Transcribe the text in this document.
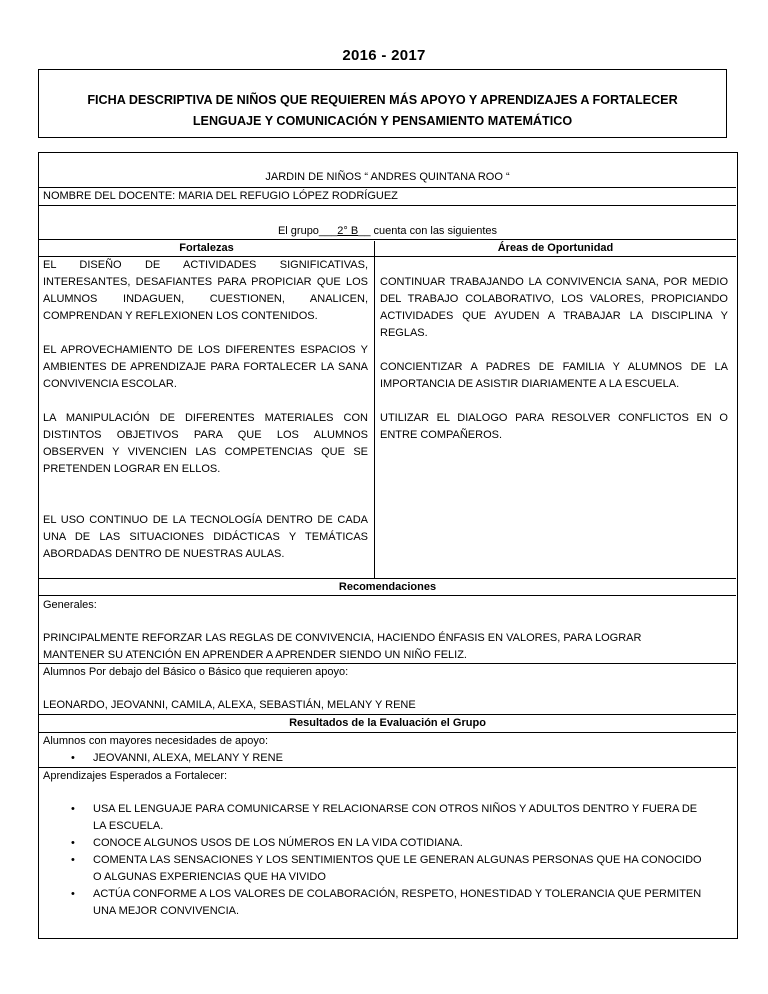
2016 - 2017
FICHA DESCRIPTIVA DE NIÑOS QUE REQUIEREN MÁS APOYO Y APRENDIZAJES A FORTALECER
LENGUAJE Y COMUNICACIÓN Y PENSAMIENTO MATEMÁTICO
JARDIN DE NIÑOS “ ANDRES QUINTANA ROO “
NOMBRE DEL DOCENTE: MARIA DEL REFUGIO LÓPEZ RODRÍGUEZ
El grupo___2° B__ cuenta con las siguientes
Fortalezas	Áreas de Oportunidad

EL DISEÑO DE ACTIVIDADES SIGNIFICATIVAS, INTERESANTES, DESAFIANTES PARA PROPICIAR QUE LOS ALUMNOS INDAGUEN, CUESTIONEN, ANALICEN, COMPRENDAN Y REFLEXIONEN LOS CONTENIDOS.

EL APROVECHAMIENTO DE LOS DIFERENTES ESPACIOS Y AMBIENTES DE APRENDIZAJE PARA FORTALECER LA SANA CONVIVENCIA ESCOLAR.

LA MANIPULACIÓN DE DIFERENTES MATERIALES CON DISTINTOS OBJETIVOS PARA QUE LOS ALUMNOS OBSERVEN Y VIVENCIEN LAS COMPETENCIAS QUE SE PRETENDEN LOGRAR EN ELLOS.

EL USO CONTINUO DE LA TECNOLOGÍA DENTRO DE CADA UNA DE LAS SITUACIONES DIDÁCTICAS Y TEMÁTICAS ABORDADAS DENTRO DE NUESTRAS AULAS.

CONTINUAR TRABAJANDO LA CONVIVENCIA SANA, POR MEDIO DEL TRABAJO COLABORATIVO, LOS VALORES, PROPICIANDO ACTIVIDADES QUE AYUDEN A TRABAJAR LA DISCIPLINA Y REGLAS.

CONCIENTIZAR A PADRES DE FAMILIA Y ALUMNOS DE LA IMPORTANCIA DE ASISTIR DIARIAMENTE A LA ESCUELA.

UTILIZAR EL DIALOGO PARA RESOLVER CONFLICTOS EN O ENTRE COMPAÑEROS.

Recomendaciones
Generales:
PRINCIPALMENTE REFORZAR LAS REGLAS DE CONVIVENCIA, HACIENDO ÉNFASIS EN VALORES, PARA LOGRAR MANTENER SU ATENCIÓN EN APRENDER A APRENDER SIENDO UN NIÑO FELIZ.
Alumnos Por debajo del Básico o Básico que requieren apoyo:
LEONARDO, JEOVANNI, CAMILA, ALEXA, SEBASTIÁN, MELANY Y RENE
Resultados de la Evaluación el Grupo
Alumnos con mayores necesidades de apoyo:
• JEOVANNI, ALEXA, MELANY Y RENE
Aprendizajes Esperados a Fortalecer:
• USA EL LENGUAJE PARA COMUNICARSE Y RELACIONARSE CON OTROS NIÑOS Y ADULTOS DENTRO Y FUERA DE LA ESCUELA.
• CONOCE ALGUNOS USOS DE LOS NÚMEROS EN LA VIDA COTIDIANA.
• COMENTA LAS SENSACIONES Y LOS SENTIMIENTOS QUE LE GENERAN ALGUNAS PERSONAS QUE HA CONOCIDO O ALGUNAS EXPERIENCIAS QUE HA VIVIDO
• ACTÚA CONFORME A LOS VALORES DE COLABORACIÓN, RESPETO, HONESTIDAD Y TOLERANCIA QUE PERMITEN UNA MEJOR CONVIVENCIA.
